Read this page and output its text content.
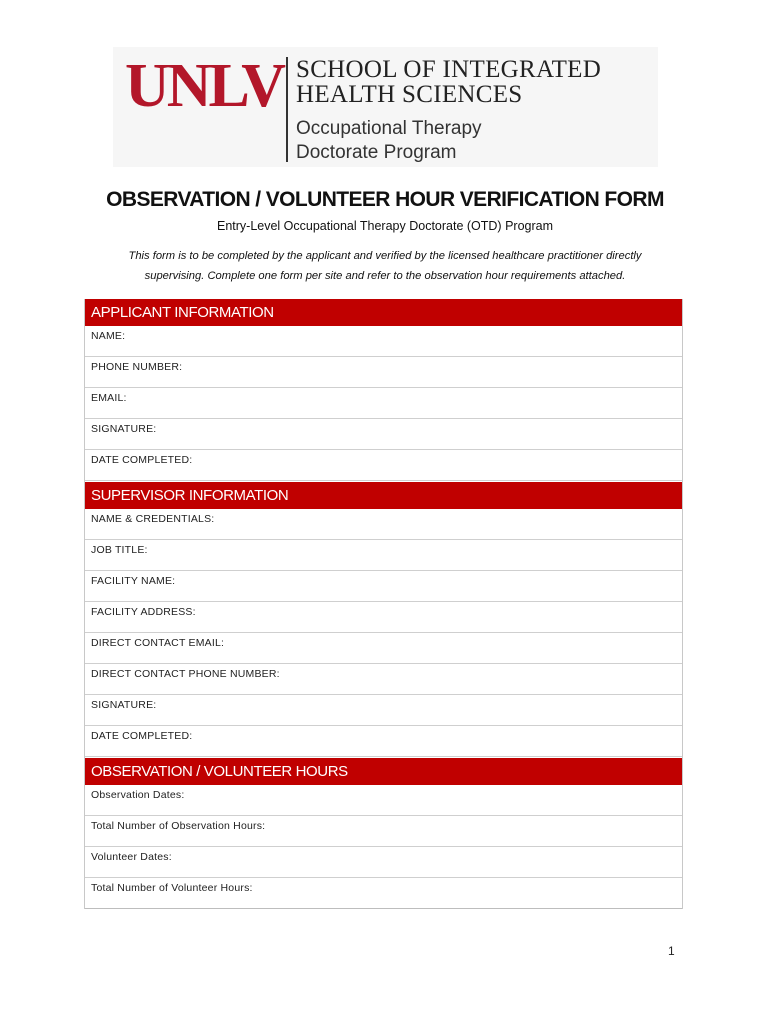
UNLV SCHOOL OF INTEGRATED
HEALTH SCIENCES
Occupational Therapy
Doctorate Program
OBSERVATION / VOLUNTEER HOUR VERIFICATION FORM
Entry-Level Occupational Therapy Doctorate (OTD) Program
This form is to be completed by the applicant and verified by the licensed healthcare practitioner directly
supervising. Complete one form per site and refer to the observation hour requirements attached.
APPLICANT INFORMATION
NAME:
PHONE NUMBER:
EMAIL:
SIGNATURE:
DATE COMPLETED:
SUPERVISOR INFORMATION
NAME & CREDENTIALS:
JOB TITLE:
FACILITY NAME:
FACILITY ADDRESS:
DIRECT CONTACT EMAIL:
DIRECT CONTACT PHONE NUMBER:
SIGNATURE:
DATE COMPLETED:
OBSERVATION / VOLUNTEER HOURS
Observation Dates:
Total Number of Observation Hours:
Volunteer Dates:
Total Number of Volunteer Hours:
1
